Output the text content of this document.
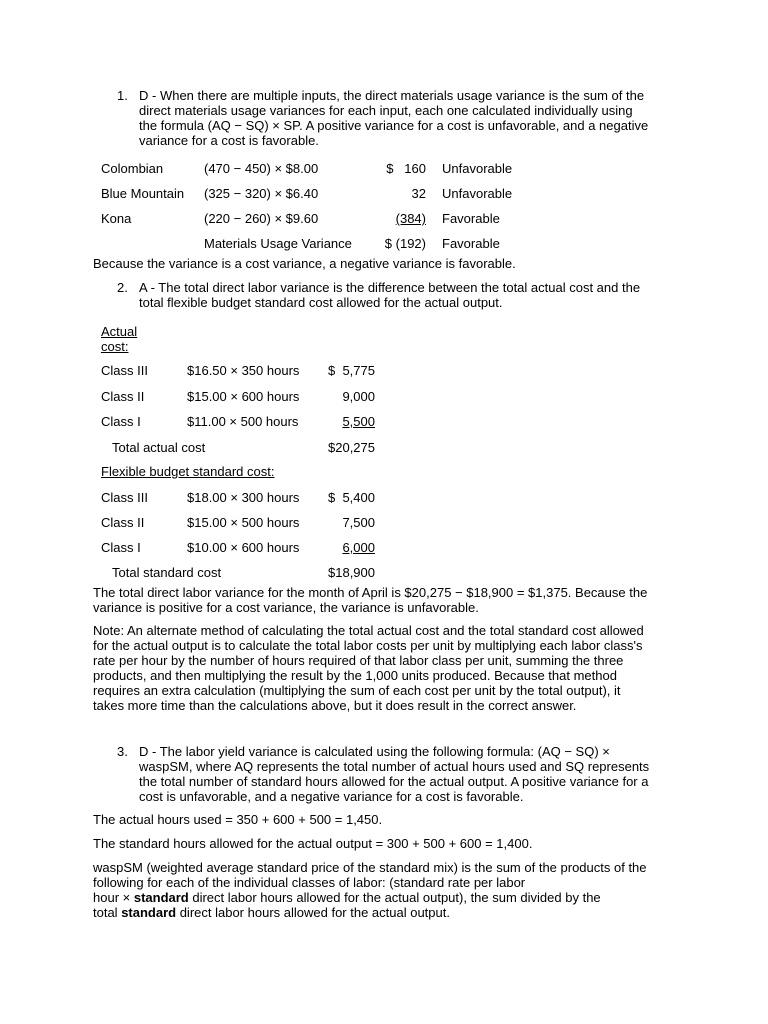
1. D - When there are multiple inputs, the direct materials usage variance is the sum of the
direct materials usage variances for each input, each one calculated individually using
the formula (AQ − SQ) × SP. A positive variance for a cost is unfavorable, and a negative
variance for a cost is favorable.
Colombian	(470 − 450) × $8.00	$   160 Unfavorable
Blue Mountain (325 − 320) × $6.40	32 Unfavorable
Kona	(220 − 260) × $9.60	(384) Favorable
Materials Usage Variance	$ (192) Favorable
Because the variance is a cost variance, a negative variance is favorable.
2. A - The total direct labor variance is the difference between the total actual cost and the
total flexible budget standard cost allowed for the actual output.
Actual
cost:
Class III	$16.50 × 350 hours	$  5,775
Class II	$15.00 × 600 hours	9,000
Class I	$11.00 × 500 hours	5,500
Total actual cost	$20,275
Flexible budget standard cost:
Class III	$18.00 × 300 hours	$  5,400
Class II	$15.00 × 500 hours	7,500
Class I	$10.00 × 600 hours	6,000
Total standard cost	$18,900
The total direct labor variance for the month of April is $20,275 − $18,900 = $1,375. Because the
variance is positive for a cost variance, the variance is unfavorable.
Note: An alternate method of calculating the total actual cost and the total standard cost allowed
for the actual output is to calculate the total labor costs per unit by multiplying each labor class's
rate per hour by the number of hours required of that labor class per unit, summing the three
products, and then multiplying the result by the 1,000 units produced. Because that method
requires an extra calculation (multiplying the sum of each cost per unit by the total output), it
takes more time than the calculations above, but it does result in the correct answer.
3. D - The labor yield variance is calculated using the following formula: (AQ − SQ) ×
waspSM, where AQ represents the total number of actual hours used and SQ represents
the total number of standard hours allowed for the actual output. A positive variance for a
cost is unfavorable, and a negative variance for a cost is favorable.
The actual hours used = 350 + 600 + 500 = 1,450.
The standard hours allowed for the actual output = 300 + 500 + 600 = 1,400.
waspSM (weighted average standard price of the standard mix) is the sum of the products of the
following for each of the individual classes of labor: (standard rate per labor
hour × standard direct labor hours allowed for the actual output), the sum divided by the
total standard direct labor hours allowed for the actual output.
